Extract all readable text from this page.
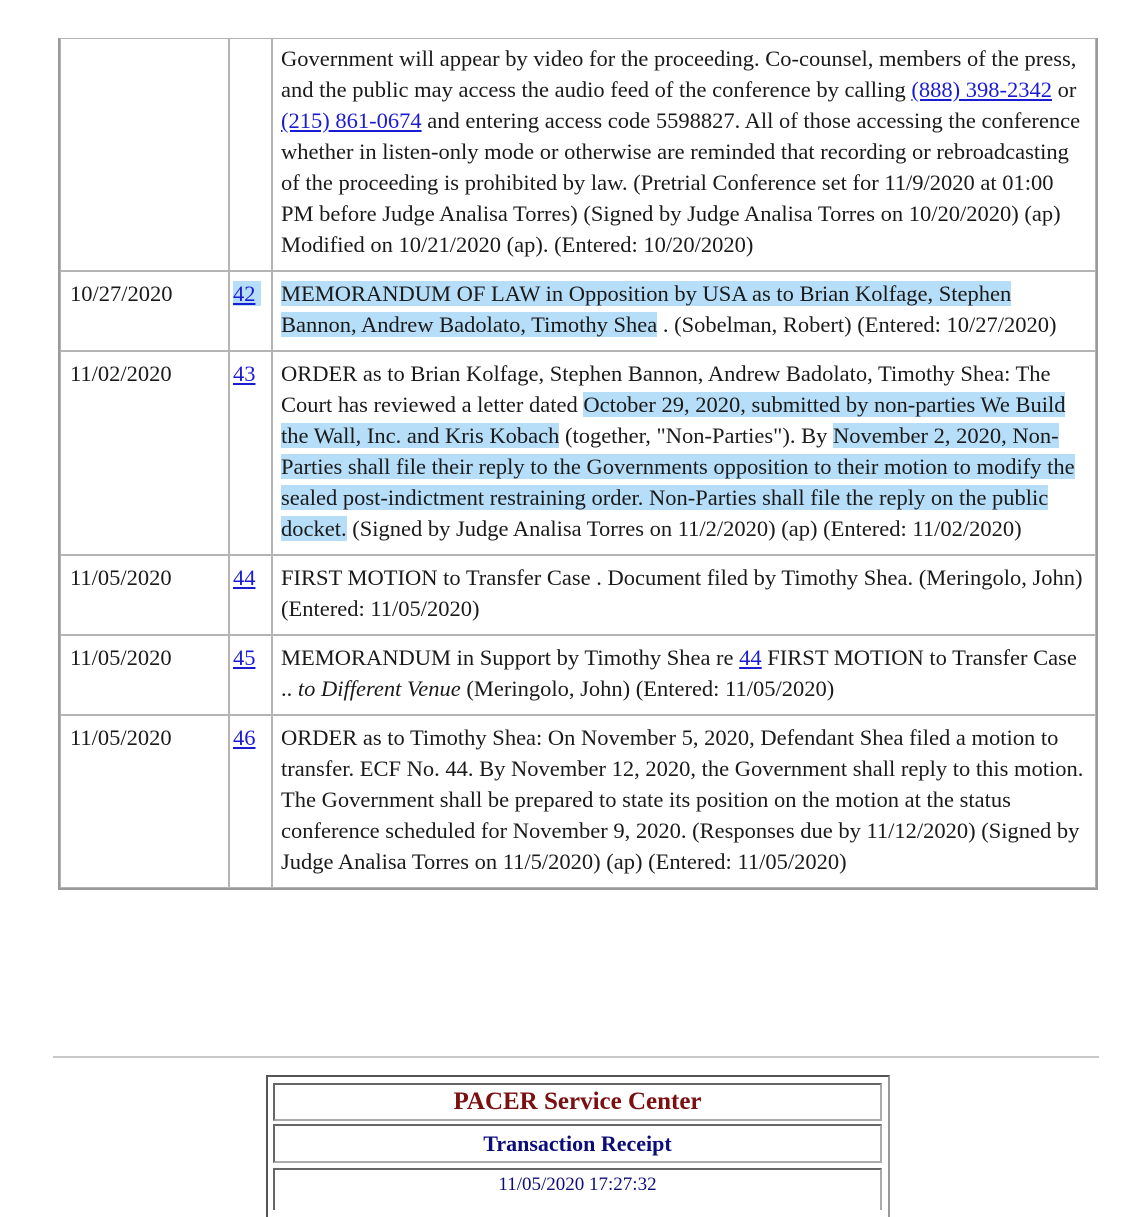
		Government will appear by video for the proceeding. Co-counsel, members of the press, and the public may access the audio feed of the conference by calling (888) 398-2342 or (215) 861-0674 and entering access code 5598827. All of those accessing the conference whether in listen-only mode or otherwise are reminded that recording or rebroadcasting of the proceeding is prohibited by law. (Pretrial Conference set for 11/9/2020 at 01:00 PM before Judge Analisa Torres) (Signed by Judge Analisa Torres on 10/20/2020) (ap) Modified on 10/21/2020 (ap). (Entered: 10/20/2020)
10/27/2020	42	MEMORANDUM OF LAW in Opposition by USA as to Brian Kolfage, Stephen Bannon, Andrew Badolato, Timothy Shea . (Sobelman, Robert) (Entered: 10/27/2020)
11/02/2020	43	ORDER as to Brian Kolfage, Stephen Bannon, Andrew Badolato, Timothy Shea: The Court has reviewed a letter dated October 29, 2020, submitted by non-parties We Build the Wall, Inc. and Kris Kobach (together, "Non-Parties"). By November 2, 2020, Non-Parties shall file their reply to the Governments opposition to their motion to modify the sealed post-indictment restraining order. Non-Parties shall file the reply on the public docket. (Signed by Judge Analisa Torres on 11/2/2020) (ap) (Entered: 11/02/2020)
11/05/2020	44	FIRST MOTION to Transfer Case . Document filed by Timothy Shea. (Meringolo, John) (Entered: 11/05/2020)
11/05/2020	45	MEMORANDUM in Support by Timothy Shea re 44 FIRST MOTION to Transfer Case .. to Different Venue (Meringolo, John) (Entered: 11/05/2020)
11/05/2020	46	ORDER as to Timothy Shea: On November 5, 2020, Defendant Shea filed a motion to transfer. ECF No. 44. By November 12, 2020, the Government shall reply to this motion. The Government shall be prepared to state its position on the motion at the status conference scheduled for November 9, 2020. (Responses due by 11/12/2020) (Signed by Judge Analisa Torres on 11/5/2020) (ap) (Entered: 11/05/2020)
PACER Service Center
Transaction Receipt
11/05/2020 17:27:32
